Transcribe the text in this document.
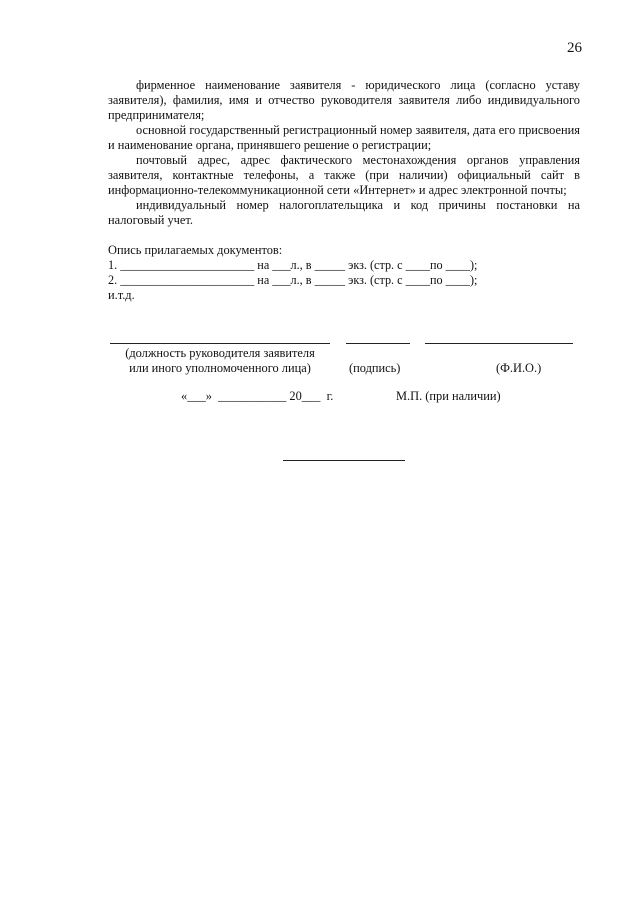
26

фирменное наименование заявителя - юридического лица (согласно уставу заявителя), фамилия, имя и отчество руководителя заявителя либо индивидуального предпринимателя;

основной государственный регистрационный номер заявителя, дата его присвоения и наименование органа, принявшего решение о регистрации;

почтовый адрес, адрес фактического местонахождения органов управления заявителя, контактные телефоны, а также (при наличии) официальный сайт в информационно-телекоммуникационной сети «Интернет» и адрес электронной почты;

индивидуальный номер налогоплательщика и код причины постановки на налоговый учет.

Опись прилагаемых документов:

1. ______________________ на ___л., в _____ экз. (стр. с ____по ____);

2. ______________________ на ___л., в _____ экз. (стр. с ____по ____);

и.т.д.

(должность руководителя заявителя
или иного уполномоченного лица)	(подпись)	(Ф.И.О.)
«___»  ___________ 20___  г.	М.П. (при наличии)
